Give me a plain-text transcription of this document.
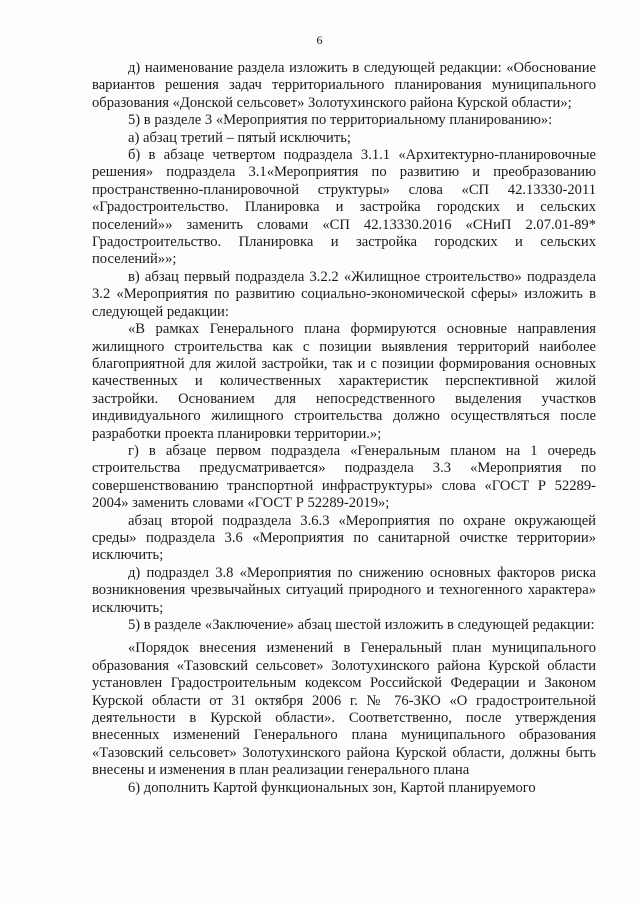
6

д) наименование раздела изложить в следующей редакции: «Обоснование вариантов решения задач территориального планирования муниципального образования «Донской сельсовет» Золотухинского района Курской области»;

5) в разделе 3 «Мероприятия по территориальному планированию»:

а) абзац третий – пятый исключить;

б) в абзаце четвертом подраздела 3.1.1 «Архитектурно-планировочные решения» подраздела 3.1«Мероприятия по развитию и преобразованию пространственно-планировочной структуры» слова «СП 42.13330-2011 «Градостроительство. Планировка и застройка городских и сельских поселений»» заменить словами «СП 42.13330.2016 «СНиП 2.07.01-89* Градостроительство. Планировка и застройка городских и сельских поселений»»;

в) абзац первый подраздела 3.2.2 «Жилищное строительство» подраздела 3.2 «Мероприятия по развитию социально-экономической сферы» изложить в следующей редакции:

«В рамках Генерального плана формируются основные направления жилищного строительства как с позиции выявления территорий наиболее благоприятной для жилой застройки, так и с позиции формирования основных качественных и количественных характеристик перспективной жилой застройки. Основанием для непосредственного выделения участков индивидуального жилищного строительства должно осуществляться после разработки проекта планировки территории.»;

г) в абзаце первом подраздела «Генеральным планом на 1 очередь строительства предусматривается» подраздела 3.3 «Мероприятия по совершенствованию транспортной инфраструктуры» слова «ГОСТ Р 52289-2004» заменить словами «ГОСТ Р 52289-2019»;

абзац второй подраздела 3.6.3 «Мероприятия по охране окружающей среды» подраздела 3.6 «Мероприятия по санитарной очистке территории» исключить;

д) подраздел 3.8 «Мероприятия по снижению основных факторов риска возникновения чрезвычайных ситуаций природного и техногенного характера» исключить;

5) в разделе «Заключение» абзац шестой изложить в следующей редакции:

«Порядок внесения изменений в Генеральный план муниципального образования «Тазовский сельсовет» Золотухинского района Курской области установлен Градостроительным кодексом Российской Федерации и Законом Курской области от 31 октября 2006 г. № 76-ЗКО «О градостроительной деятельности в Курской области». Соответственно, после утверждения внесенных изменений Генерального плана муниципального образования «Тазовский сельсовет» Золотухинского района Курской области, должны быть внесены и изменения в план реализации генерального плана

6) дополнить Картой функциональных зон, Картой планируемого
